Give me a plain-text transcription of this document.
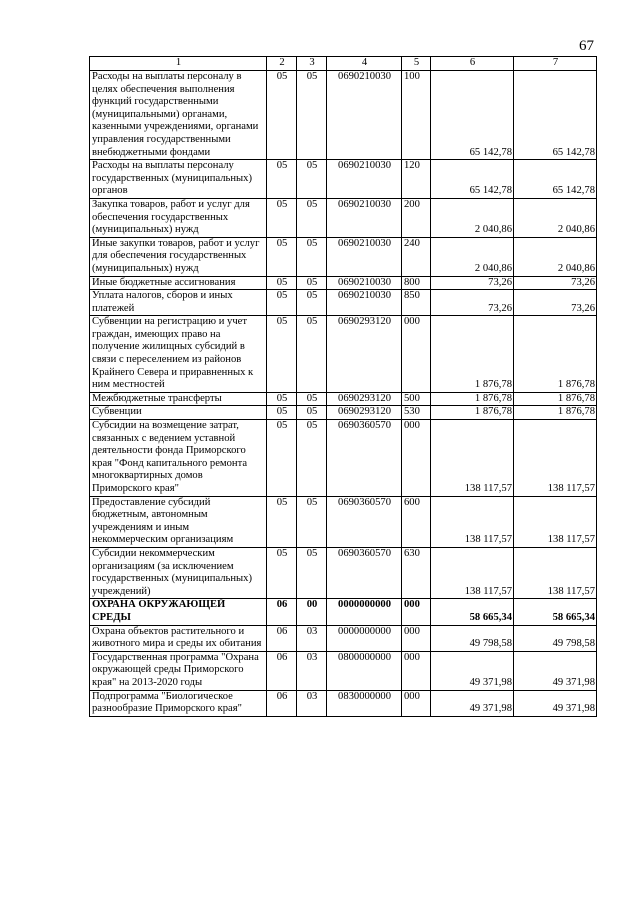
67
1	2	3	4	5	6	7
Расходы на выплаты персоналу в целях обеспечения выполнения функций государственными (муниципальными) органами, казенными учреждениями, органами управления государственными внебюджетными фондами	05	05	0690210030	100	65 142,78	65 142,78
Расходы на выплаты персоналу государственных (муниципальных) органов	05	05	0690210030	120	65 142,78	65 142,78
Закупка товаров, работ и услуг для обеспечения государственных (муниципальных) нужд	05	05	0690210030	200	2 040,86	2 040,86
Иные закупки товаров, работ и услуг для обеспечения государственных (муниципальных) нужд	05	05	0690210030	240	2 040,86	2 040,86
Иные бюджетные ассигнования	05	05	0690210030	800	73,26	73,26
Уплата налогов, сборов и иных платежей	05	05	0690210030	850	73,26	73,26
Субвенции на регистрацию и учет граждан, имеющих право на получение жилищных субсидий в связи с переселением из районов Крайнего Севера и приравненных к ним местностей	05	05	0690293120	000	1 876,78	1 876,78
Межбюджетные трансферты	05	05	0690293120	500	1 876,78	1 876,78
Субвенции	05	05	0690293120	530	1 876,78	1 876,78
Субсидии на возмещение затрат, связанных с ведением уставной деятельности фонда Приморского края "Фонд капитального ремонта многоквартирных домов Приморского края"	05	05	0690360570	000	138 117,57	138 117,57
Предоставление субсидий бюджетным, автономным учреждениям и иным некоммерческим организациям	05	05	0690360570	600	138 117,57	138 117,57
Субсидии некоммерческим организациям (за исключением государственных (муниципальных) учреждений)	05	05	0690360570	630	138 117,57	138 117,57
ОХРАНА ОКРУЖАЮЩЕЙ СРЕДЫ	06	00	0000000000	000	58 665,34	58 665,34
Охрана объектов растительного и животного мира и среды их обитания	06	03	0000000000	000	49 798,58	49 798,58
Государственная программа "Охрана окружающей среды Приморского края" на 2013-2020 годы	06	03	0800000000	000	49 371,98	49 371,98
Подпрограмма "Биологическое разнообразие Приморского края"	06	03	0830000000	000	49 371,98	49 371,98
